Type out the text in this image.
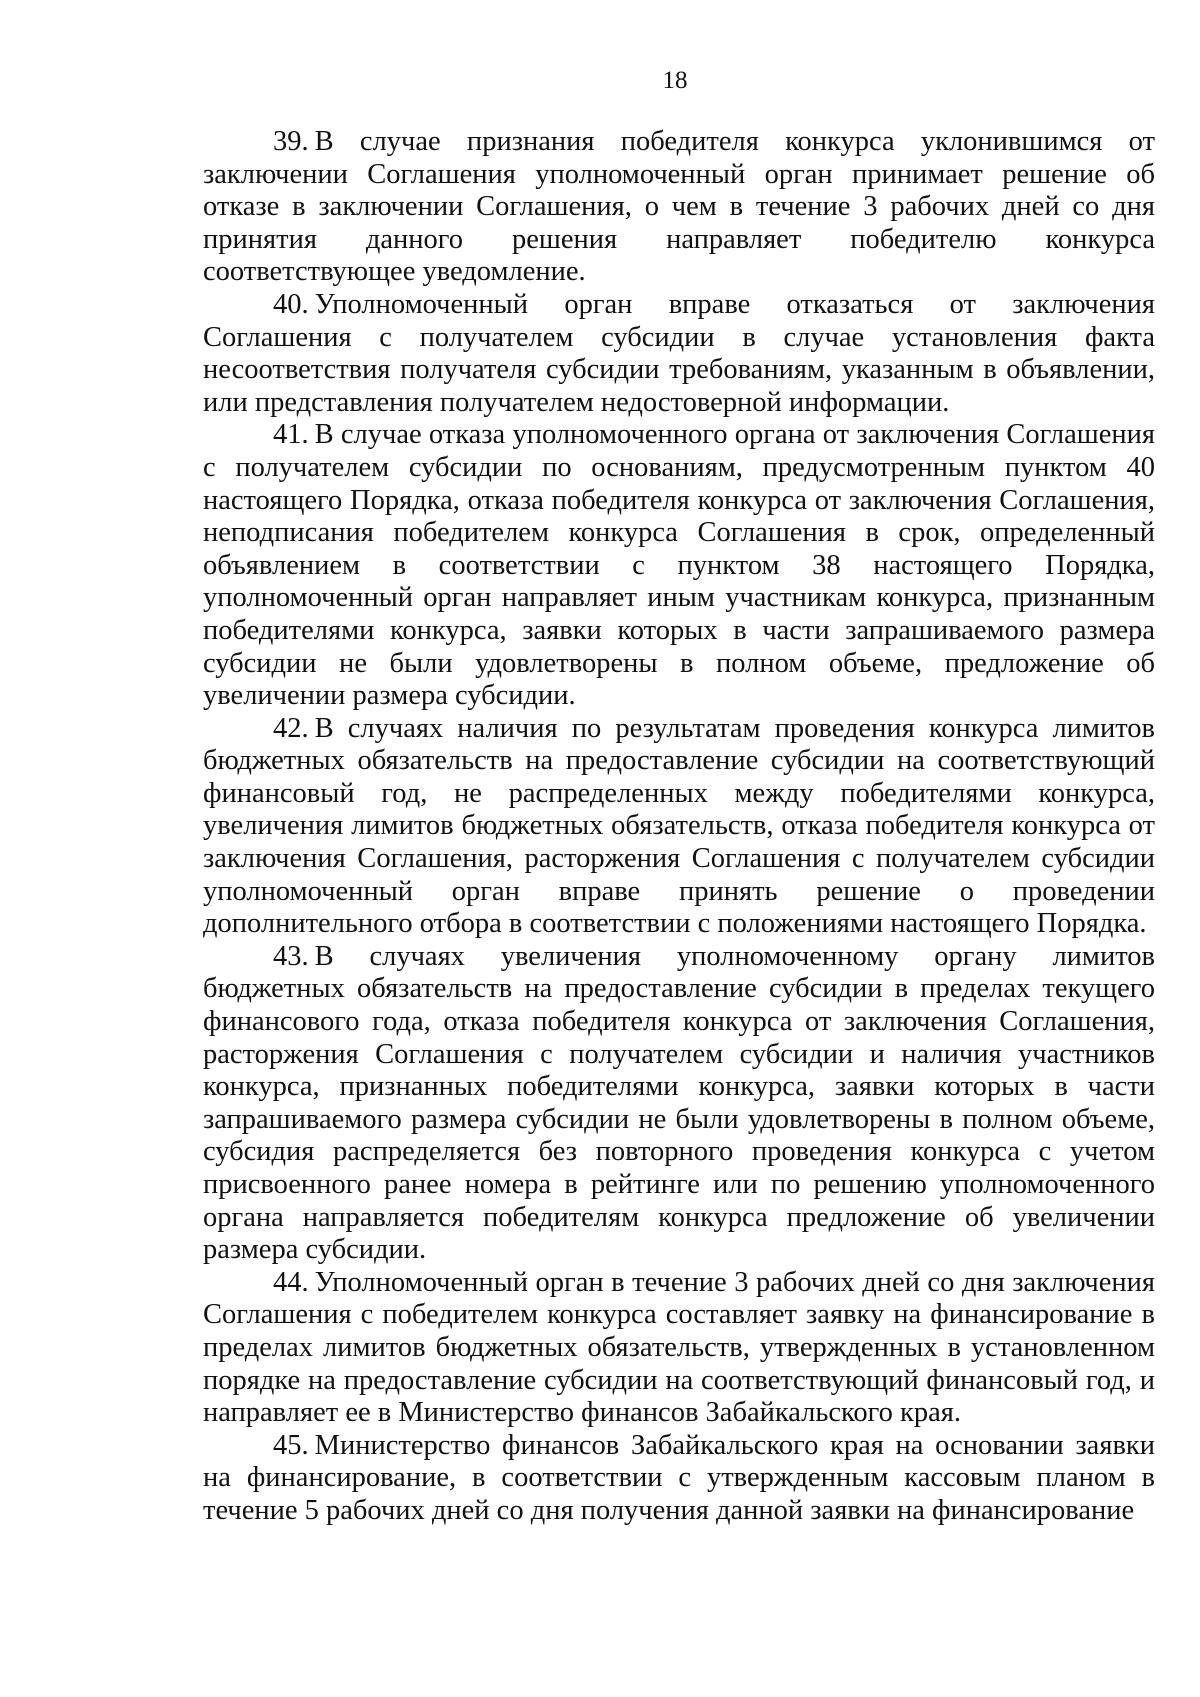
18

39. В случае признания победителя конкурса уклонившимся от заключении Соглашения уполномоченный орган принимает решение об отказе в заключении Соглашения, о чем в течение 3 рабочих дней со дня принятия данного решения направляет победителю конкурса соответствующее уведомление.

40. Уполномоченный орган вправе отказаться от заключения Соглашения с получателем субсидии в случае установления факта несоответствия получателя субсидии требованиям, указанным в объявлении, или представления получателем недостоверной информации.

41. В случае отказа уполномоченного органа от заключения Соглашения с получателем субсидии по основаниям, предусмотренным пунктом 40 настоящего Порядка, отказа победителя конкурса от заключения Соглашения, неподписания победителем конкурса Соглашения в срок, определенный объявлением в соответствии с пунктом 38 настоящего Порядка, уполномоченный орган направляет иным участникам конкурса, признанным победителями конкурса, заявки которых в части запрашиваемого размера субсидии не были удовлетворены в полном объеме, предложение об увеличении размера субсидии.

42. В случаях наличия по результатам проведения конкурса лимитов бюджетных обязательств на предоставление субсидии на соответствующий финансовый год, не распределенных между победителями конкурса, увеличения лимитов бюджетных обязательств, отказа победителя конкурса от заключения Соглашения, расторжения Соглашения с получателем субсидии уполномоченный орган вправе принять решение о проведении дополнительного отбора в соответствии с положениями настоящего Порядка.

43. В случаях увеличения уполномоченному органу лимитов бюджетных обязательств на предоставление субсидии в пределах текущего финансового года, отказа победителя конкурса от заключения Соглашения, расторжения Соглашения с получателем субсидии и наличия участников конкурса, признанных победителями конкурса, заявки которых в части запрашиваемого размера субсидии не были удовлетворены в полном объеме, субсидия распределяется без повторного проведения конкурса с учетом присвоенного ранее номера в рейтинге или по решению уполномоченного органа направляется победителям конкурса предложение об увеличении размера субсидии.

44. Уполномоченный орган в течение 3 рабочих дней со дня заключения Соглашения с победителем конкурса составляет заявку на финансирование в пределах лимитов бюджетных обязательств, утвержденных в установленном порядке на предоставление субсидии на соответствующий финансовый год, и направляет ее в Министерство финансов Забайкальского края.

45. Министерство финансов Забайкальского края на основании заявки на финансирование, в соответствии с утвержденным кассовым планом в течение 5 рабочих дней со дня получения данной заявки на финансирование
